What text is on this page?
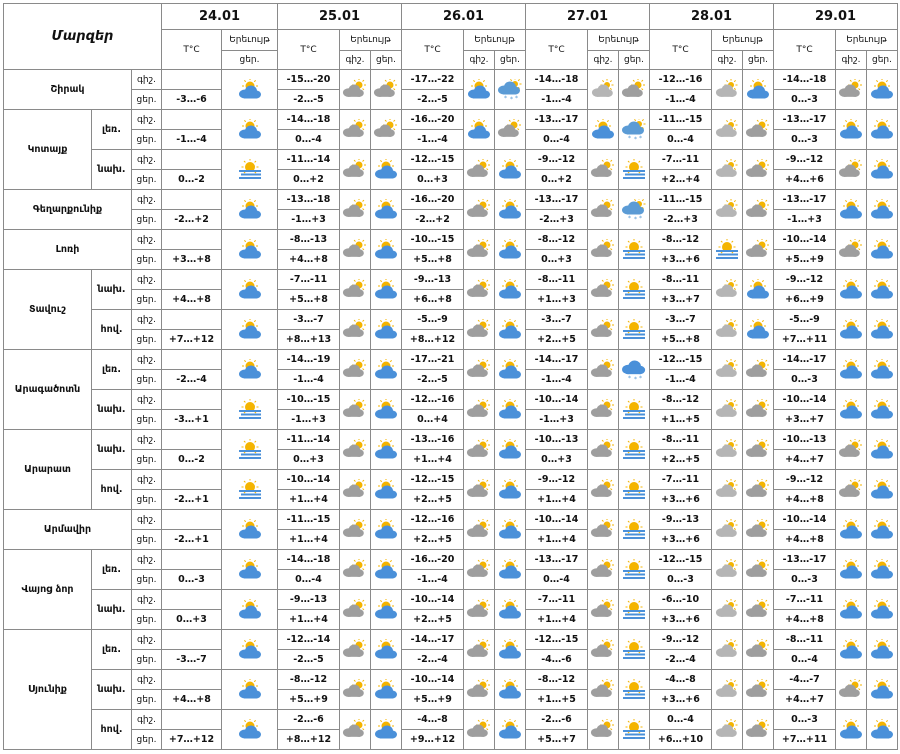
Մարզեր			24.01		25.01			26.01			27.01			28.01			29.01		
			T°C	Երեւույթ	T°C	Երեւույթ		T°C	Երեւույթ		T°C	Երեւույթ		T°C	Երեւույթ		T°C	Երեւույթ	
				ցեր.		գիշ.	ցեր.		գիշ.	ցեր.		գիշ.	ցեր.		գիշ.	ցեր.		գիշ.	ցեր.
Շիրակ		գիշ.			-15…-20			-17…-22		* * *	-14…-18			-12…-16			-14…-18	

		ցեր.	-3…-6		-2…-5			-2…-5			-1…-4			-1…-4			0…-3		
Կոտայք	լեռ.	գիշ.			-14…-18			-16…-20			-13…-17		* * *	-11…-15			-13…-17	

		ցեր.	-1…-4		0…-4			-1…-4			0…-4			0…-4			0…-3		
	նախ.	գիշ.			-11…-14			-12…-15			-9…-12			-7…-11			-9…-12	

		ցեր.	0…-2		0…+2			0…+3			0…+2			+2…+4			+4…+6		
Գեղարքունիք		գիշ.			-13…-18			-16…-20			-13…-17		* * *	-11…-15			-13…-17	

		ցեր.	-2…+2		-1…+3			-2…+2			-2…+3			-2…+3			-1…+3		
Լոռի		գիշ.			-8…-13			-10…-15			-8…-12			-8…-12			-10…-14	

		ցեր.	+3…+8		+4…+8			+5…+8			0…+3			+3…+6			+5…+9		
Տավուշ	նախ.	գիշ.			-7…-11			-9…-13			-8…-11			-8…-11			-9…-12	

		ցեր.	+4…+8		+5…+8			+6…+8			+1…+3			+3…+7			+6…+9		
	հով.	գիշ.			-3…-7			-5…-9			-3…-7			-3…-7			-5…-9	

		ցեր.	+7…+12		+8…+13			+8…+12			+2…+5			+5…+8			+7…+11		
Արագածոտն	լեռ.	գիշ.			-14…-19			-17…-21			-14…-17		* * *	-12…-15			-14…-17	

		ցեր.	-2…-4		-1…-4			-2…-5			-1…-4			-1…-4			0…-3		
	նախ.	գիշ.			-10…-15			-12…-16			-10…-14			-8…-12			-10…-14	

		ցեր.	-3…+1		-1…+3			0…+4			-1…+3			+1…+5			+3…+7		
Արարատ	նախ.	գիշ.			-11…-14			-13…-16			-10…-13			-8…-11			-10…-13	

		ցեր.	0…-2		0…+3			+1…+4			0…+3			+2…+5			+4…+7		
	հով.	գիշ.			-10…-14			-12…-15			-9…-12			-7…-11			-9…-12	

		ցեր.	-2…+1		+1…+4			+2…+5			+1…+4			+3…+6			+4…+8		
Արմավիր		գիշ.			-11…-15			-12…-16			-10…-14			-9…-13			-10…-14	

		ցեր.	-2…+1		+1…+4			+2…+5			+1…+4			+3…+6			+4…+8		
Վայոց ձոր	լեռ.	գիշ.			-14…-18			-16…-20			-13…-17			-12…-15			-13…-17	

		ցեր.	0…-3		0…-4			-1…-4			0…-4			0…-3			0…-3		
	նախ.	գիշ.			-9…-13			-10…-14			-7…-11			-6…-10			-7…-11	

		ցեր.	0…+3		+1…+4			+2…+5			+1…+4			+3…+6			+4…+8		
Սյունիք	լեռ.	գիշ.			-12…-14			-14…-17			-12…-15			-9…-12			-8…-11	

		ցեր.	-3…-7		-2…-5			-2…-4			-4…-6			-2…-4			0…-4		
	նախ.	գիշ.			-8…-12			-10…-14			-8…-12			-4…-8			-4…-7	

		ցեր.	+4…+8		+5…+9			+5…+9			+1…+5			+3…+6			+4…+7		
	հով.	գիշ.			-2…-6			-4…-8			-2…-6			0…-4			0…-3	

		ցեր.	+7…+12		+8…+12			+9…+12			+5…+7			+6…+10			+7…+11		
